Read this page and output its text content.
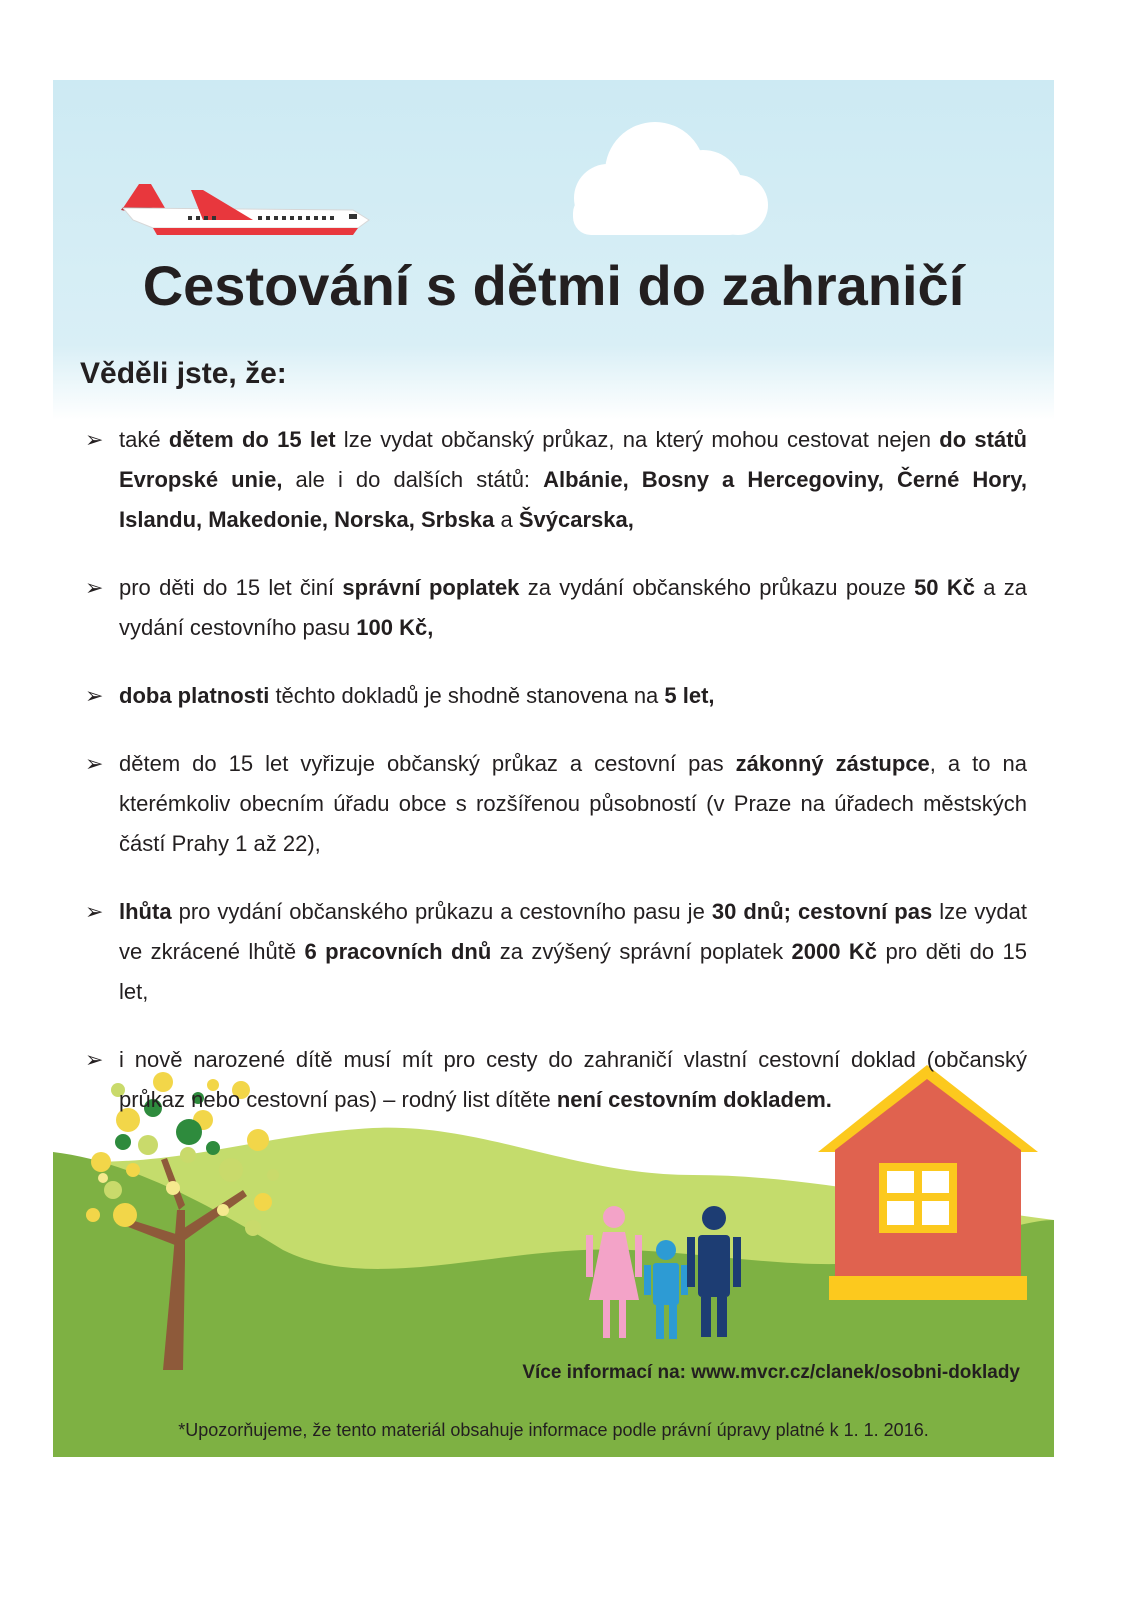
Cestování s dětmi do zahraničí
Věděli jste, že:
➢ také dětem do 15 let lze vydat občanský průkaz, na který mohou cestovat nejen do států Evropské unie, ale i do dalších států: Albánie, Bosny a Hercegoviny, Černé Hory, Islandu, Makedonie, Norska, Srbska a Švýcarska,
➢ pro děti do 15 let činí správní poplatek za vydání občanského průkazu pouze 50 Kč a za vydání cestovního pasu 100 Kč,
➢ doba platnosti těchto dokladů je shodně stanovena na 5 let,
➢ dětem do 15 let vyřizuje občanský průkaz a cestovní pas zákonný zástupce, a to na kterémkoliv obecním úřadu obce s rozšířenou působností (v Praze na úřadech městských částí Prahy 1 až 22),
➢ lhůta pro vydání občanského průkazu a cestovního pasu je 30 dnů; cestovní pas lze vydat ve zkrácené lhůtě 6 pracovních dnů za zvýšený správní poplatek 2000 Kč pro děti do 15 let,
➢ i nově narozené dítě musí mít pro cesty do zahraničí vlastní cestovní doklad (občanský průkaz nebo cestovní pas) – rodný list dítěte není cestovním dokladem.
Více informací na: www.mvcr.cz/clanek/osobni-doklady
*Upozorňujeme, že tento materiál obsahuje informace podle právní úpravy platné k 1. 1. 2016.
